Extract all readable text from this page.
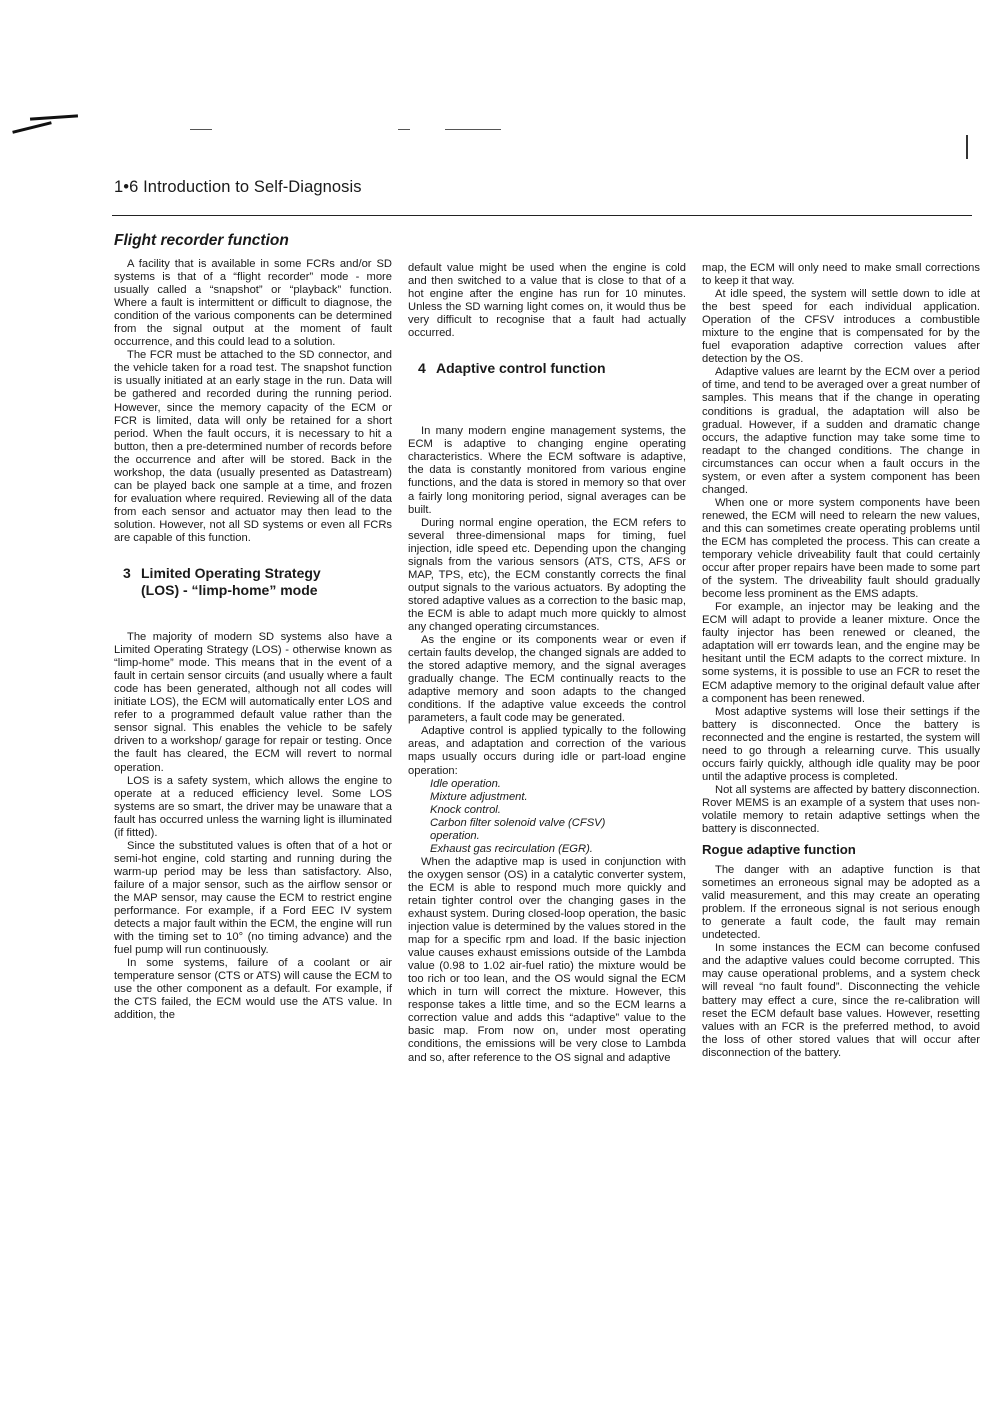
1•6 Introduction to Self-Diagnosis
Flight recorder function

A facility that is available in some FCRs and/or SD systems is that of a “flight recorder” mode - more usually called a “snapshot” or “playback” function. Where a fault is intermittent or difficult to diagnose, the condition of the various components can be determined from the signal output at the moment of fault occurrence, and this could lead to a solution.

The FCR must be attached to the SD connector, and the vehicle taken for a road test. The snapshot function is usually initiated at an early stage in the run. Data will be gathered and recorded during the running period. However, since the memory capacity of the ECM or FCR is limited, data will only be retained for a short period. When the fault occurs, it is necessary to hit a button, then a pre-determined number of records before the occurrence and after will be stored. Back in the workshop, the data (usually presented as Datastream) can be played back one sample at a time, and frozen for evaluation where required. Reviewing all of the data from each sensor and actuator may then lead to the solution. However, not all SD systems or even all FCRs are capable of this function.

3 Limited Operating Strategy
(LOS) - “limp-home” mode

The majority of modern SD systems also have a Limited Operating Strategy (LOS) - otherwise known as “limp-home” mode. This means that in the event of a fault in certain sensor circuits (and usually where a fault code has been generated, although not all codes will initiate LOS), the ECM will automatically enter LOS and refer to a programmed default value rather than the sensor signal. This enables the vehicle to be safely driven to a workshop/ garage for repair or testing. Once the fault has cleared, the ECM will revert to normal operation.

LOS is a safety system, which allows the engine to operate at a reduced efficiency level. Some LOS systems are so smart, the driver may be unaware that a fault has occurred unless the warning light is illuminated (if fitted).

Since the substituted values is often that of a hot or semi-hot engine, cold starting and running during the warm-up period may be less than satisfactory. Also, failure of a major sensor, such as the airflow sensor or the MAP sensor, may cause the ECM to restrict engine performance. For example, if a Ford EEC IV system detects a major fault within the ECM, the engine will run with the timing set to 10° (no timing advance) and the fuel pump will run continuously.

In some systems, failure of a coolant or air temperature sensor (CTS or ATS) will cause the ECM to use the other component as a default. For example, if the CTS failed, the ECM would use the ATS value. In addition, the

default value might be used when the engine is cold and then switched to a value that is close to that of a hot engine after the engine has run for 10 minutes. Unless the SD warning light comes on, it would thus be very difficult to recognise that a fault had actually occurred.

4 Adaptive control function

In many modern engine management systems, the ECM is adaptive to changing engine operating characteristics. Where the ECM software is adaptive, the data is constantly monitored from various engine functions, and the data is stored in memory so that over a fairly long monitoring period, signal averages can be built.

During normal engine operation, the ECM refers to several three-dimensional maps for timing, fuel injection, idle speed etc. Depending upon the changing signals from the various sensors (ATS, CTS, AFS or MAP, TPS, etc), the ECM constantly corrects the final output signals to the various actuators. By adopting the stored adaptive values as a correction to the basic map, the ECM is able to adapt much more quickly to almost any changed operating circumstances.

As the engine or its components wear or even if certain faults develop, the changed signals are added to the stored adaptive memory, and the signal averages gradually change. The ECM continually reacts to the adaptive memory and soon adapts to the changed conditions. If the adaptive value exceeds the control parameters, a fault code may be generated.

Adaptive control is applied typically to the following areas, and adaptation and correction of the various maps usually occurs during idle or part-load engine operation:

Idle operation.
Mixture adjustment.
Knock control.
Carbon filter solenoid valve (CFSV)
operation.
Exhaust gas recirculation (EGR).

When the adaptive map is used in conjunction with the oxygen sensor (OS) in a catalytic converter system, the ECM is able to respond much more quickly and retain tighter control over the changing gases in the exhaust system. During closed-loop operation, the basic injection value is determined by the values stored in the map for a specific rpm and load. If the basic injection value causes exhaust emissions outside of the Lambda value (0.98 to 1.02 air-fuel ratio) the mixture would be too rich or too lean, and the OS would signal the ECM which in turn will correct the mixture. However, this response takes a little time, and so the ECM learns a correction value and adds this “adaptive” value to the basic map. From now on, under most operating conditions, the emissions will be very close to Lambda and so, after reference to the OS signal and adaptive

map, the ECM will only need to make small corrections to keep it that way.

At idle speed, the system will settle down to idle at the best speed for each individual application. Operation of the CFSV introduces a combustible mixture to the engine that is compensated for by the fuel evaporation adaptive correction values after detection by the OS.

Adaptive values are learnt by the ECM over a period of time, and tend to be averaged over a great number of samples. This means that if the change in operating conditions is gradual, the adaptation will also be gradual. However, if a sudden and dramatic change occurs, the adaptive function may take some time to readapt to the changed conditions. The change in circumstances can occur when a fault occurs in the system, or even after a system component has been changed.

When one or more system components have been renewed, the ECM will need to relearn the new values, and this can sometimes create operating problems until the ECM has completed the process. This can create a temporary vehicle driveability fault that could certainly occur after proper repairs have been made to some part of the system. The driveability fault should gradually become less prominent as the EMS adapts.

For example, an injector may be leaking and the ECM will adapt to provide a leaner mixture. Once the faulty injector has been renewed or cleaned, the adaptation will err towards lean, and the engine may be hesitant until the ECM adapts to the correct mixture. In some systems, it is possible to use an FCR to reset the ECM adaptive memory to the original default value after a component has been renewed.

Most adaptive systems will lose their settings if the battery is disconnected. Once the battery is reconnected and the engine is restarted, the system will need to go through a relearning curve. This usually occurs fairly quickly, although idle quality may be poor until the adaptive process is completed.

Not all systems are affected by battery disconnection. Rover MEMS is an example of a system that uses non-volatile memory to retain adaptive settings when the battery is disconnected.

Rogue adaptive function

The danger with an adaptive function is that sometimes an erroneous signal may be adopted as a valid measurement, and this may create an operating problem. If the erroneous signal is not serious enough to generate a fault code, the fault may remain undetected.

In some instances the ECM can become confused and the adaptive values could become corrupted. This may cause operational problems, and a system check will reveal “no fault found”. Disconnecting the vehicle battery may effect a cure, since the re-calibration will reset the ECM default base values. However, resetting values with an FCR is the preferred method, to avoid the loss of other stored values that will occur after disconnection of the battery.
